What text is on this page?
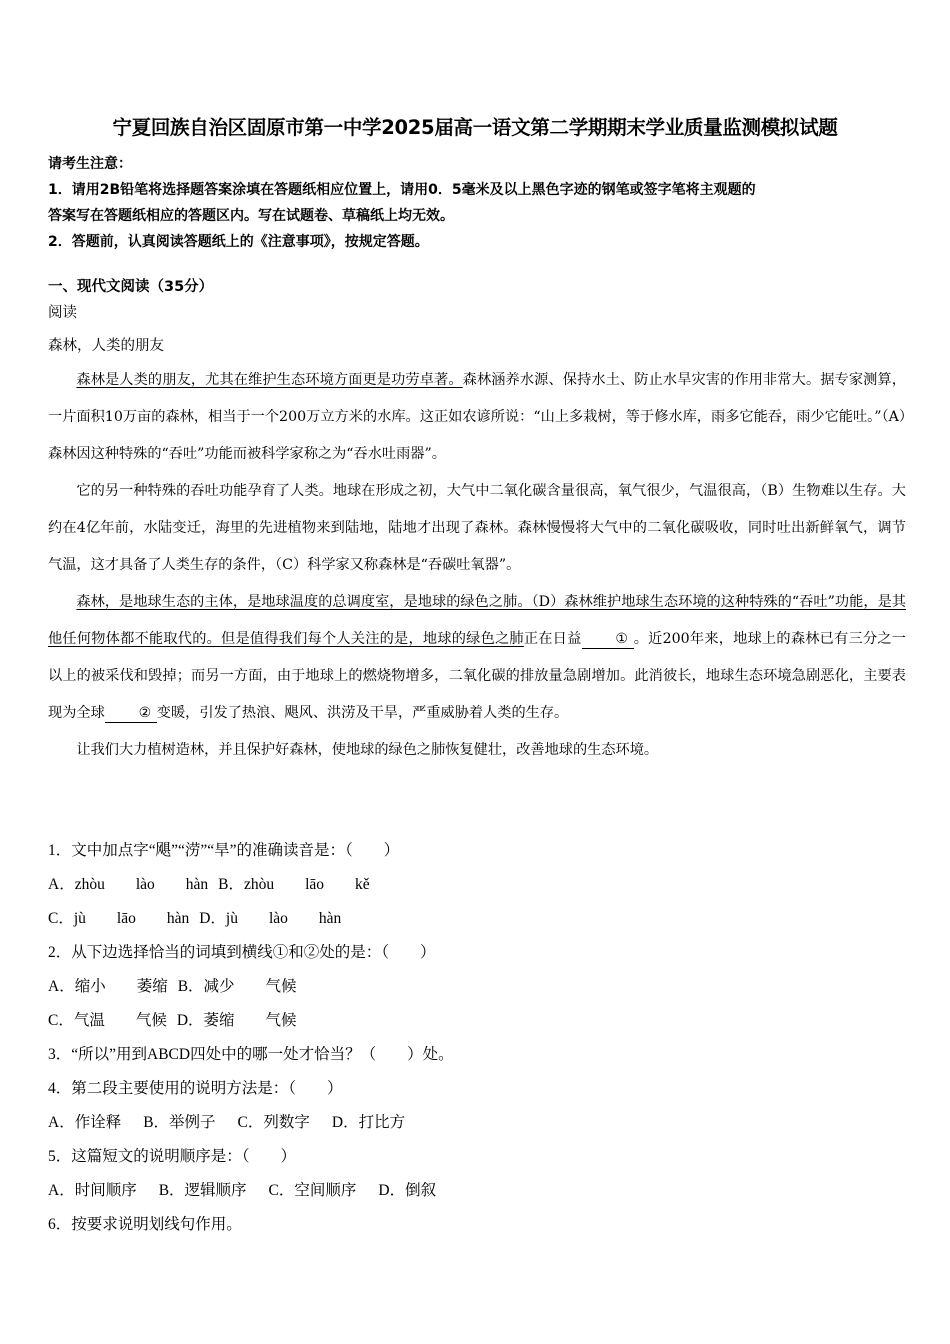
宁夏回族自治区固原市第一中学2025届高一语文第二学期期末学业质量监测模拟试题
请考生注意：
1．请用2B铅笔将选择题答案涂填在答题纸相应位置上，请用0．5毫米及以上黑色字迹的钢笔或签字笔将主观题的
答案写在答题纸相应的答题区内。写在试题卷、草稿纸上均无效。
2．答题前，认真阅读答题纸上的《注意事项》，按规定答题。
一、现代文阅读（35分）
阅读
森林，人类的朋友

森林是人类的朋友，尤其在维护生态环境方面更是功劳卓著。森林涵养水源、保持水土、防止水旱灾害的作用非常大。据专家测算，一片面积10万亩的森林，相当于一个200万立方米的水库。这正如农谚所说：“山上多栽树，等于修水库，雨多它能吞，雨少它能吐。”（A）森林因这种特殊的“吞吐”功能而被科学家称之为“吞水吐雨器”。

它的另一种特殊的吞吐功能孕育了人类。地球在形成之初，大气中二氧化碳含量很高，氧气很少，气温很高，（B）生物难以生存。大约在4亿年前，水陆变迁，海里的先进植物来到陆地，陆地才出现了森林。森林慢慢将大气中的二氧化碳吸收，同时吐出新鲜氧气，调节气温，这才具备了人类生存的条件，（C）科学家又称森林是“吞碳吐氧器”。

森林，是地球生态的主体，是地球温度的总调度室，是地球的绿色之肺。（D）森林维护地球生态环境的这种特殊的“吞吐”功能，是其他任何物体都不能取代的。但是值得我们每个人关注的是，地球的绿色之肺正在日益 ① 。近200年来，地球上的森林已有三分之一以上的被采伐和毁掉；而另一方面，由于地球上的燃烧物增多，二氧化碳的排放量急剧增加。此消彼长，地球生态环境急剧恶化，主要表现为全球 ② 变暖，引发了热浪、飓风、洪涝及干旱，严重威胁着人类的生存。

让我们大力植树造林，并且保护好森林，使地球的绿色之肺恢复健壮，改善地球的生态环境。

1．文中加点字“飓”“涝”“旱”的准确读音是：（　　）
A．zhòu　　lào　　hàn B．zhòu　　lāo　　kě
C．jù　　lāo　　hàn D．jù　　lào　　hàn
2．从下边选择恰当的词填到横线①和②处的是：（　　）
A．缩小　　萎缩 B．减少　　气候
C．气温　　气候 D．萎缩　　气候
3．“所以”用到ABCD四处中的哪一处才恰当？（　　）处。
4．第二段主要使用的说明方法是：（　　）
A．作诠释 B．举例子 C．列数字 D．打比方
5．这篇短文的说明顺序是：（　　）
A．时间顺序 B．逻辑顺序 C．空间顺序 D．倒叙
6．按要求说明划线句作用。
